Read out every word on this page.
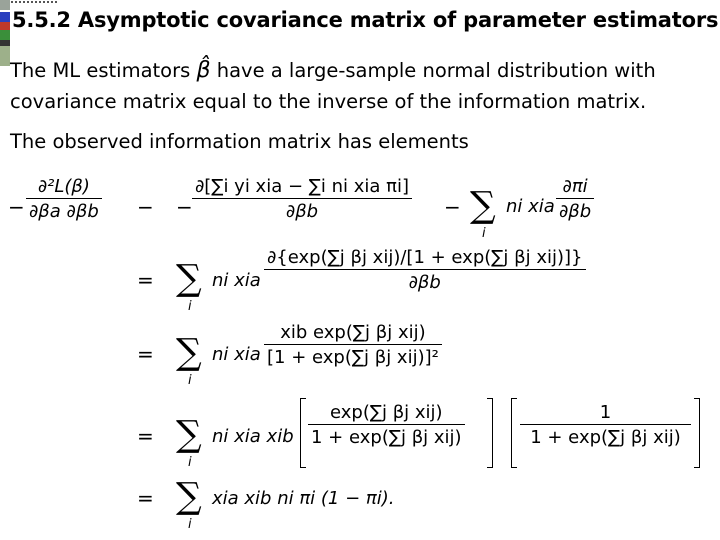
5.5.2 Asymptotic covariance matrix of parameter estimators

The ML estimators β̂ have a large-sample normal distribution with

covariance matrix equal to the inverse of the information matrix.

The observed information matrix has elements

− $\frac{\text{∂²L(β)}}{\partial\beta a \partial\beta b}$ − −
∂[∑i yi xia − ∑i ni xia πi]
∂βb	− ∑
i
ni xia $\frac{\partial\pi i}{\partial\beta b}$
= ∑
i
ni xia
∂{exp(∑j βj xij)/[1 + exp(∑j βj xij)]}
∂βb
= ∑
i
ni xia
xib exp(∑j βj xij)
[1 + exp(∑j βj xij)]²
= ∑
i
ni xia xib
exp(∑j βj xij)
1 + exp(∑j βj xij)
1
1 + exp(∑j βj xij)
= ∑
i
xia xib ni πi (1 − πi).
